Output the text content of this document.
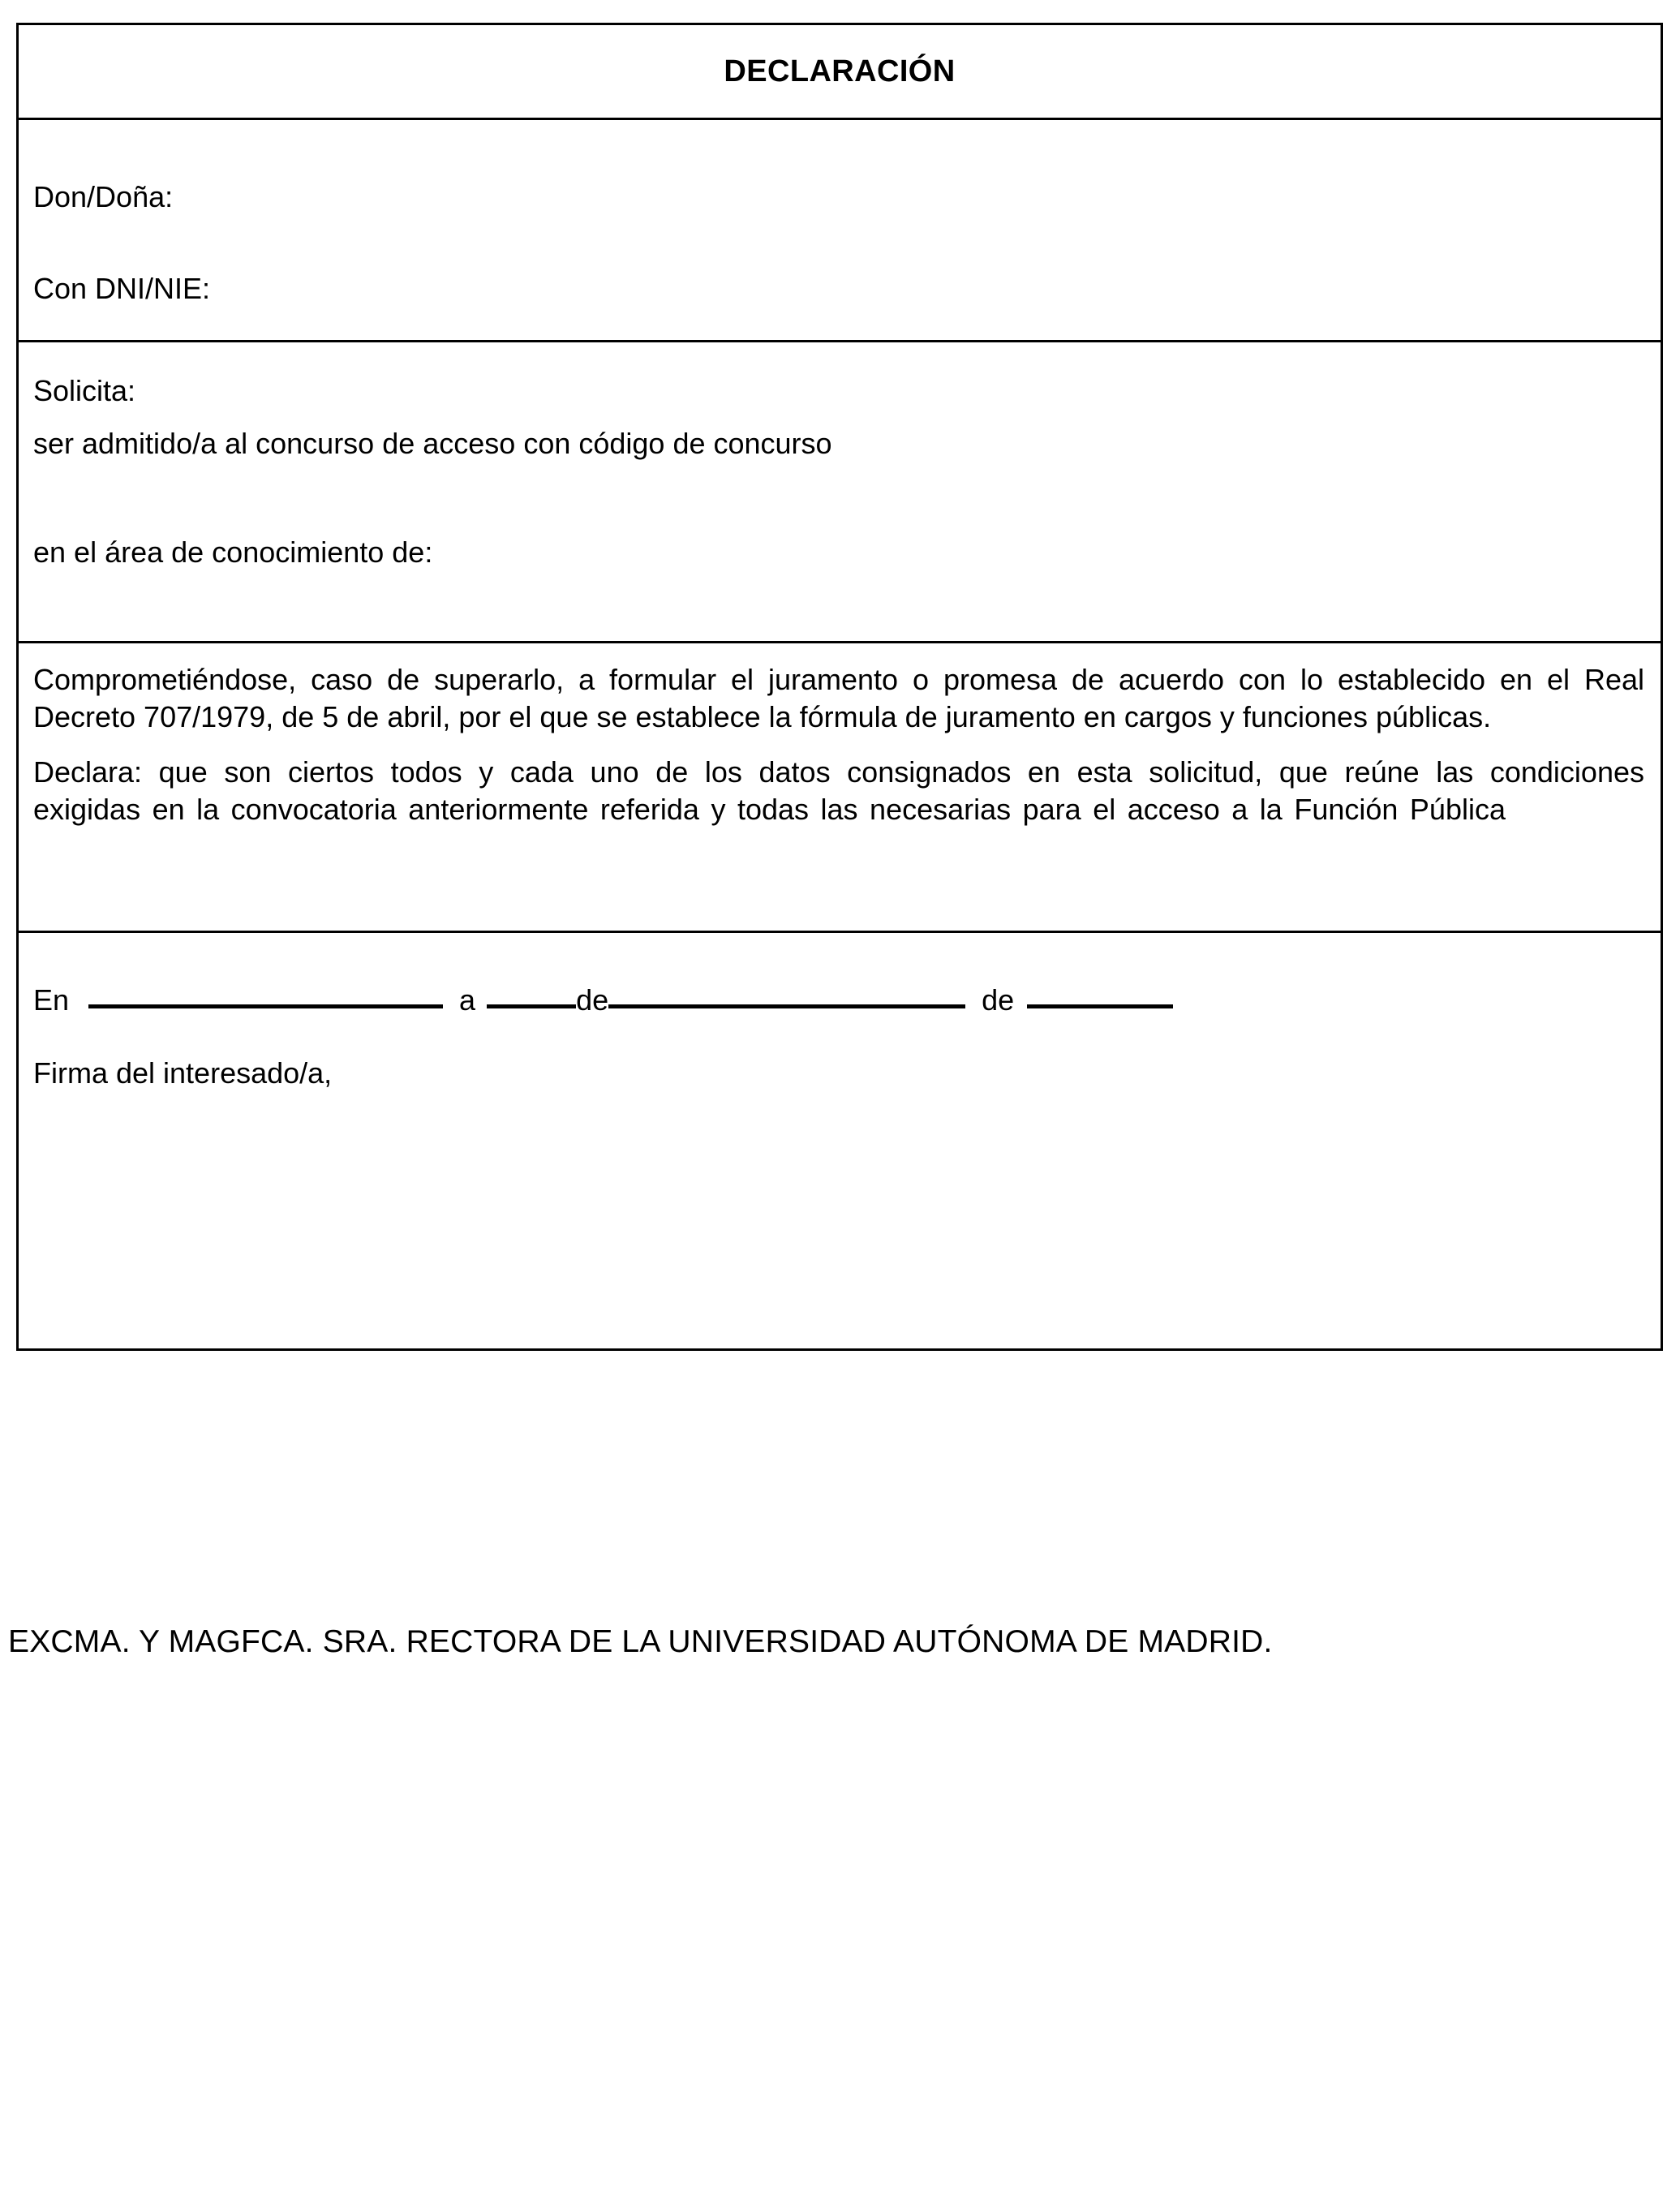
DECLARACIÓN
Don/Doña:
Con DNI/NIE:
Solicita:
ser admitido/a al concurso de acceso con código de concurso
en el área de conocimiento de:

Comprometiéndose, caso de superarlo, a formular el juramento o promesa de acuerdo con lo establecido en el Real Decreto 707/1979, de 5 de abril, por el que se establece la fórmula de juramento en cargos y funciones públicas.

Declara: que son ciertos todos y cada uno de los datos consignados en esta solicitud, que reúne las condiciones exigidas en la convocatoria anteriormente referida y todas las necesarias para el acceso a la Función Pública

En	a	de	de
Firma del interesado/a,
EXCMA. Y MAGFCA. SRA. RECTORA DE LA UNIVERSIDAD AUTÓNOMA DE MADRID.
